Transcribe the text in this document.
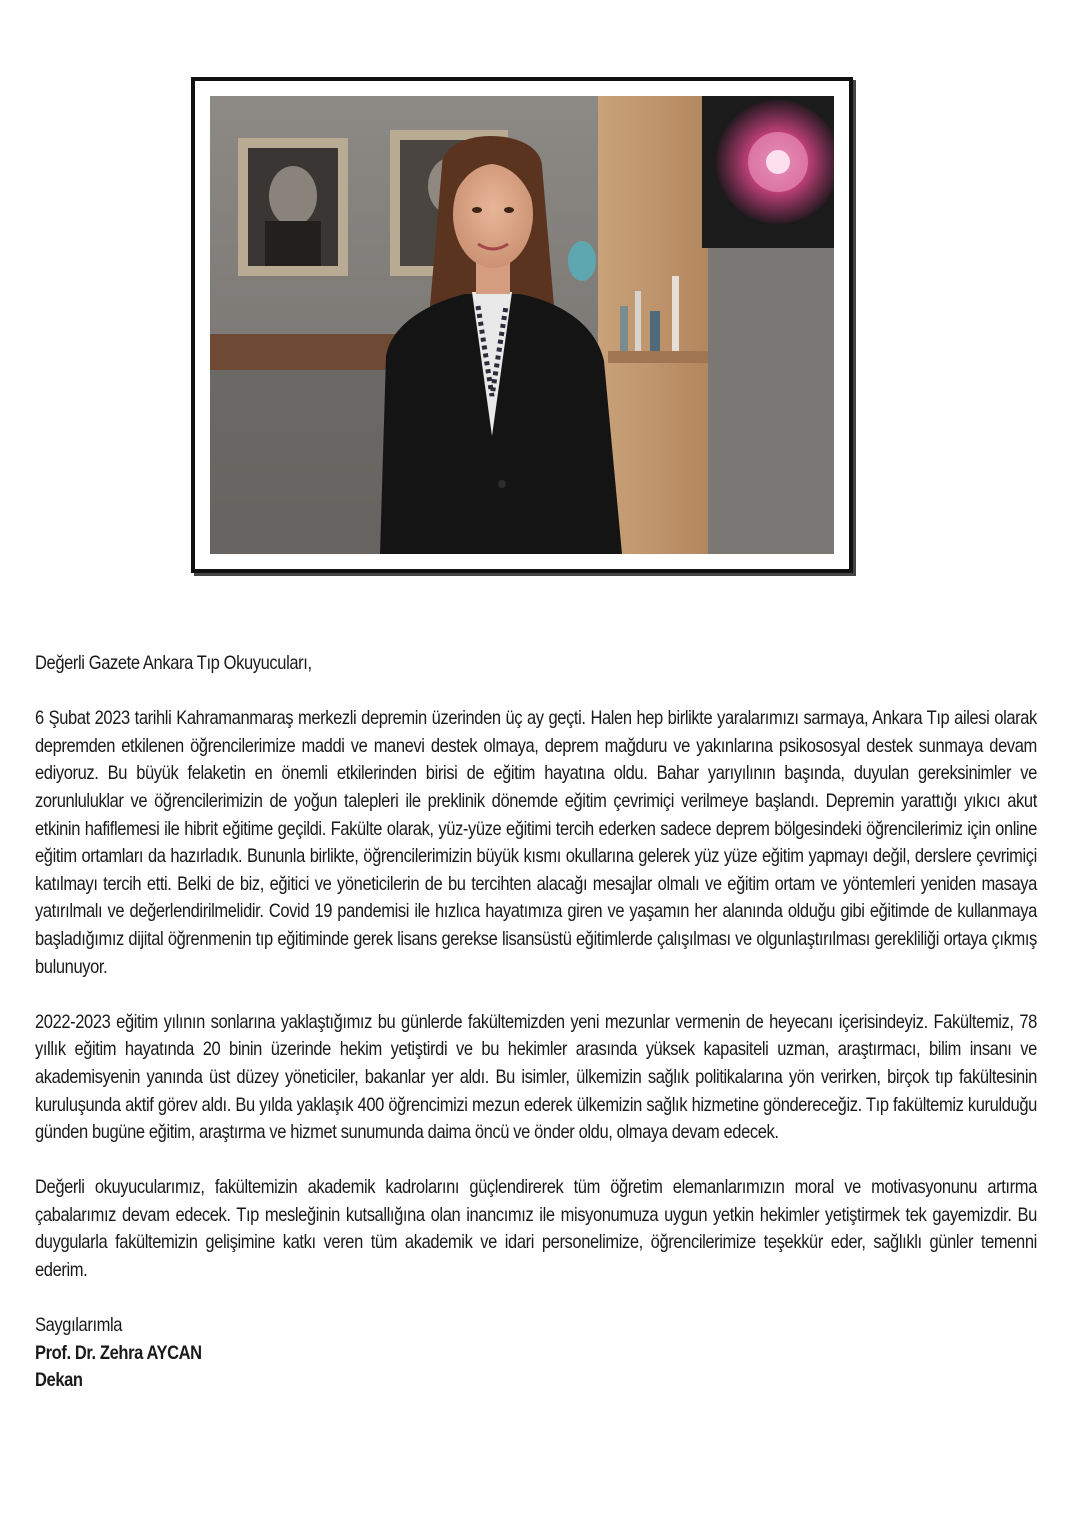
Değerli Gazete Ankara Tıp Okuyucuları,

6 Şubat 2023 tarihli Kahramanmaraş merkezli depremin üzerinden üç ay geçti. Halen hep birlikte yaralarımızı sarmaya, Ankara Tıp ailesi olarak depremden etkilenen öğrencilerimize maddi ve manevi destek olmaya, deprem mağduru ve yakınlarına psikososyal destek sunmaya devam ediyoruz. Bu büyük felaketin en önemli etkilerinden birisi de eğitim hayatına oldu. Bahar yarıyılının başında, duyulan gereksinimler ve zorunluluklar ve öğrencilerimizin de yoğun talepleri ile preklinik dönemde eğitim çevrimiçi verilmeye başlandı. Depremin yarattığı yıkıcı akut etkinin hafiflemesi ile hibrit eğitime geçildi. Fakülte olarak, yüz-yüze eğitimi tercih ederken sadece deprem bölgesindeki öğrencilerimiz için online eğitim ortamları da hazırladık. Bununla birlikte, öğrencilerimizin büyük kısmı okullarına gelerek yüz yüze eğitim yapmayı değil, derslere çevrimiçi katılmayı tercih etti. Belki de biz, eğitici ve yöneticilerin de bu tercihten alacağı mesajlar olmalı ve eğitim ortam ve yöntemleri yeniden masaya yatırılmalı ve değerlendirilmelidir. Covid 19 pandemisi ile hızlıca hayatımıza giren ve yaşamın her alanında olduğu gibi eğitimde de kullanmaya başladığımız dijital öğrenmenin tıp eğitiminde gerek lisans gerekse lisansüstü eğitimlerde çalışılması ve olgunlaştırılması gerekliliği ortaya çıkmış bulunuyor.

2022-2023 eğitim yılının sonlarına yaklaştığımız bu günlerde fakültemizden yeni mezunlar vermenin de heyecanı içerisindeyiz. Fakültemiz, 78 yıllık eğitim hayatında 20 binin üzerinde hekim yetiştirdi ve bu hekimler arasında yüksek kapasiteli uzman, araştırmacı, bilim insanı ve akademisyenin yanında üst düzey yöneticiler, bakanlar yer aldı. Bu isimler, ülkemizin sağlık politikalarına yön verirken, birçok tıp fakültesinin kuruluşunda aktif görev aldı. Bu yılda yaklaşık 400 öğrencimizi mezun ederek ülkemizin sağlık hizmetine göndereceğiz. Tıp fakültemiz kurulduğu günden bugüne eğitim, araştırma ve hizmet sunumunda daima öncü ve önder oldu, olmaya devam edecek.

Değerli okuyucularımız, fakültemizin akademik kadrolarını güçlendirerek tüm öğretim elemanlarımızın moral ve motivasyonunu artırma çabalarımız devam edecek. Tıp mesleğinin kutsallığına olan inancımız ile misyonumuza uygun yetkin hekimler yetiştirmek tek gayemizdir. Bu duygularla fakültemizin gelişimine katkı veren tüm akademik ve idari personelimize, öğrencilerimize teşekkür eder, sağlıklı günler temenni ederim.

Saygılarımla
Prof. Dr. Zehra AYCAN
Dekan
